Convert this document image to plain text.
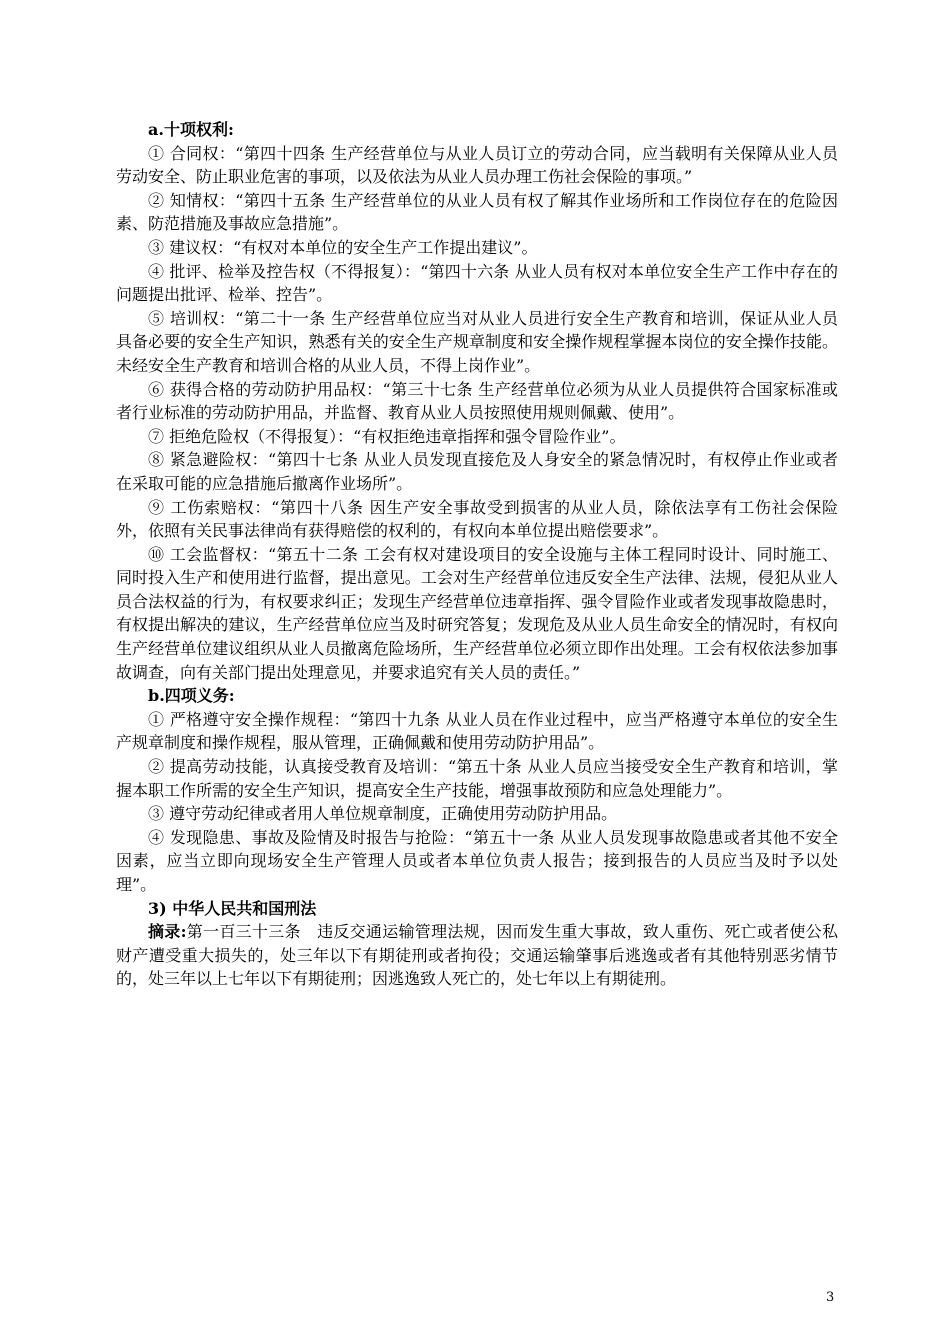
a.十项权利:

① 合同权：“第四十四条 生产经营单位与从业人员订立的劳动合同，应当载明有关保障从业人员劳动安全、防止职业危害的事项，以及依法为从业人员办理工伤社会保险的事项。”

② 知情权：“第四十五条 生产经营单位的从业人员有权了解其作业场所和工作岗位存在的危险因素、防范措施及事故应急措施”。

③ 建议权：“有权对本单位的安全生产工作提出建议”。

④ 批评、检举及控告权（不得报复）：“第四十六条 从业人员有权对本单位安全生产工作中存在的问题提出批评、检举、控告”。

⑤ 培训权：“第二十一条 生产经营单位应当对从业人员进行安全生产教育和培训，保证从业人员具备必要的安全生产知识，熟悉有关的安全生产规章制度和安全操作规程掌握本岗位的安全操作技能。未经安全生产教育和培训合格的从业人员，不得上岗作业”。

⑥ 获得合格的劳动防护用品权：“第三十七条 生产经营单位必须为从业人员提供符合国家标准或者行业标准的劳动防护用品，并监督、教育从业人员按照使用规则佩戴、使用”。

⑦ 拒绝危险权（不得报复）：“有权拒绝违章指挥和强令冒险作业”。

⑧ 紧急避险权：“第四十七条 从业人员发现直接危及人身安全的紧急情况时，有权停止作业或者在采取可能的应急措施后撤离作业场所”。

⑨ 工伤索赔权：“第四十八条 因生产安全事故受到损害的从业人员，除依法享有工伤社会保险外，依照有关民事法律尚有获得赔偿的权利的，有权向本单位提出赔偿要求”。

⑩ 工会监督权：“第五十二条 工会有权对建设项目的安全设施与主体工程同时设计、同时施工、同时投入生产和使用进行监督，提出意见。工会对生产经营单位违反安全生产法律、法规，侵犯从业人员合法权益的行为，有权要求纠正；发现生产经营单位违章指挥、强令冒险作业或者发现事故隐患时，有权提出解决的建议，生产经营单位应当及时研究答复；发现危及从业人员生命安全的情况时，有权向生产经营单位建议组织从业人员撤离危险场所，生产经营单位必须立即作出处理。工会有权依法参加事故调查，向有关部门提出处理意见，并要求追究有关人员的责任。”

b.四项义务:

① 严格遵守安全操作规程：“第四十九条 从业人员在作业过程中，应当严格遵守本单位的安全生产规章制度和操作规程，服从管理，正确佩戴和使用劳动防护用品”。

② 提高劳动技能，认真接受教育及培训：“第五十条 从业人员应当接受安全生产教育和培训，掌握本职工作所需的安全生产知识，提高安全生产技能，增强事故预防和应急处理能力”。

③ 遵守劳动纪律或者用人单位规章制度，正确使用劳动防护用品。

④ 发现隐患、事故及险情及时报告与抢险：“第五十一条 从业人员发现事故隐患或者其他不安全因素，应当立即向现场安全生产管理人员或者本单位负责人报告；接到报告的人员应当及时予以处理”。

3) 中华人民共和国刑法

摘录:第一百三十三条　违反交通运输管理法规，因而发生重大事故，致人重伤、死亡或者使公私财产遭受重大损失的，处三年以下有期徒刑或者拘役；交通运输肇事后逃逸或者有其他特别恶劣情节的，处三年以上七年以下有期徒刑；因逃逸致人死亡的，处七年以上有期徒刑。

3
